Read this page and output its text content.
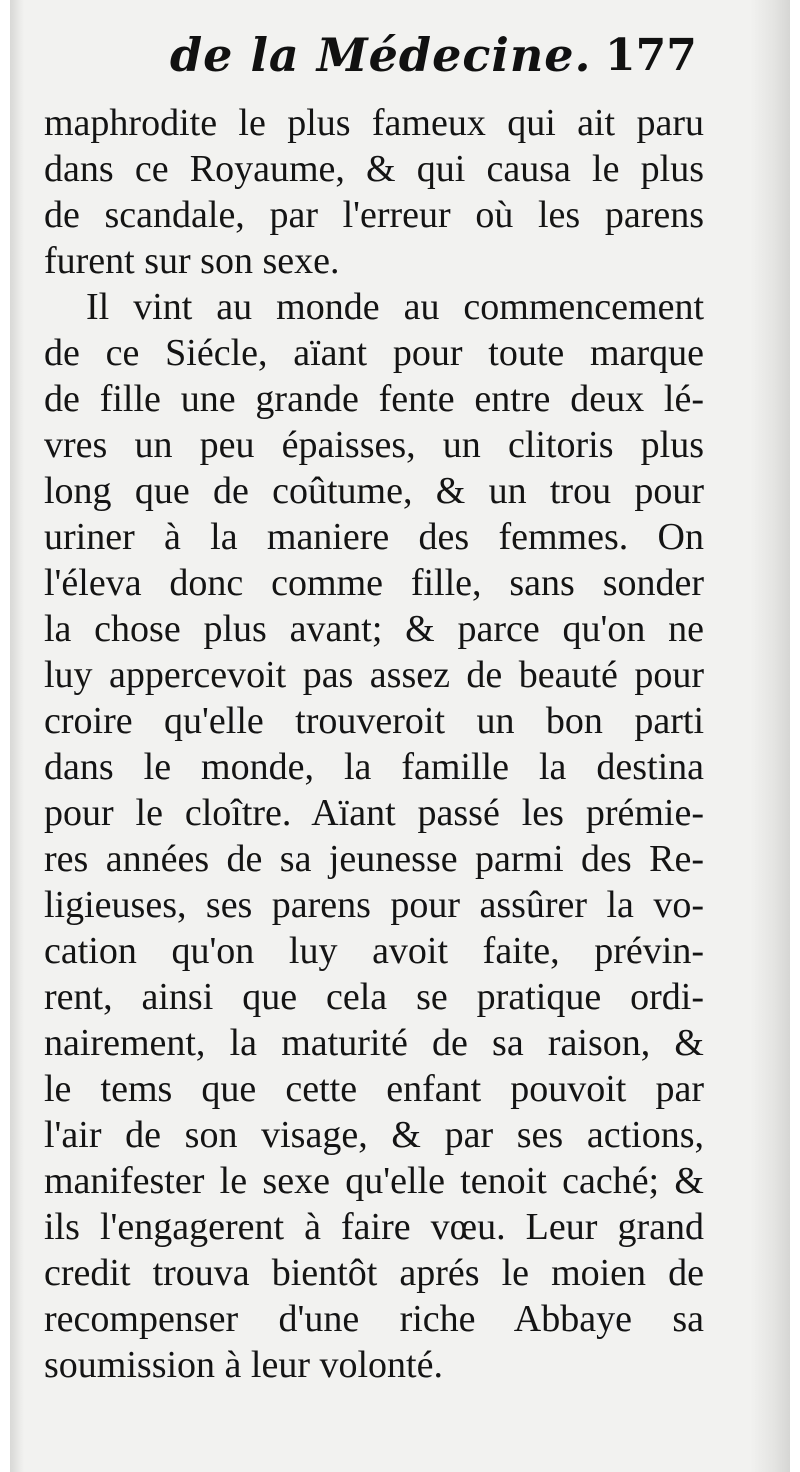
de la Médecine. 177
maphrodite le plus fameux qui ait paru
dans ce Royaume, & qui causa le plus
de scandale, par l'erreur où les parens
furent sur son sexe.
Il vint au monde au commencement
de ce Siécle, aïant pour toute marque
de fille une grande fente entre deux lé-
vres un peu épaisses, un clitoris plus
long que de coûtume, & un trou pour
uriner à la maniere des femmes. On
l'éleva donc comme fille, sans sonder
la chose plus avant; & parce qu'on ne
luy appercevoit pas assez de beauté pour
croire qu'elle trouveroit un bon parti
dans le monde, la famille la destina
pour le cloître. Aïant passé les prémie-
res années de sa jeunesse parmi des Re-
ligieuses, ses parens pour assûrer la vo-
cation qu'on luy avoit faite, prévin-
rent, ainsi que cela se pratique ordi-
nairement, la maturité de sa raison, &
le tems que cette enfant pouvoit par
l'air de son visage, & par ses actions,
manifester le sexe qu'elle tenoit caché; &
ils l'engagerent à faire vœu. Leur grand
credit trouva bientôt aprés le moien de
recompenser d'une riche Abbaye sa
soumission à leur volonté.
